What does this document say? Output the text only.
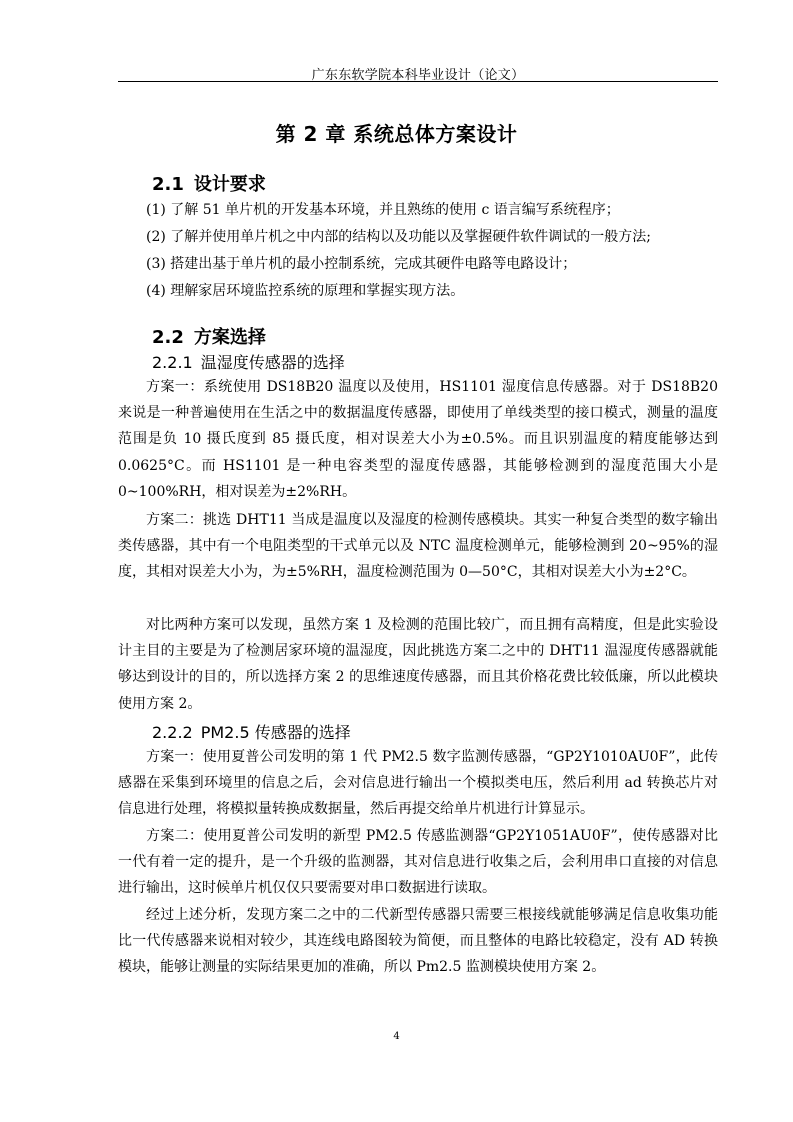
广东东软学院本科毕业设计（论文）
第 2 章 系统总体方案设计
2.1 设计要求
(1) 了解 51 单片机的开发基本环境，并且熟练的使用 c 语言编写系统程序；
(2) 了解并使用单片机之中内部的结构以及功能以及掌握硬件软件调试的一般方法;
(3) 搭建出基于单片机的最小控制系统，完成其硬件电路等电路设计；
(4) 理解家居环境监控系统的原理和掌握实现方法。
2.2 方案选择
2.2.1 温湿度传感器的选择

方案一：系统使用 DS18B20 温度以及使用，HS1101 湿度信息传感器。对于 DS18B20 来说是一种普遍使用在生活之中的数据温度传感器，即使用了单线类型的接口模式，测量的温度范围是负 10 摄氏度到 85 摄氏度，相对误差大小为±0.5%。而且识别温度的精度能够达到 0.0625°C。而 HS1101 是一种电容类型的湿度传感器，其能够检测到的湿度范围大小是 0~100%RH，相对误差为±2%RH。

方案二：挑选 DHT11 当成是温度以及湿度的检测传感模块。其实一种复合类型的数字输出类传感器，其中有一个电阻类型的干式单元以及 NTC 温度检测单元，能够检测到 20~95%的湿度，其相对误差大小为，为±5%RH，温度检测范围为 0—50°C，其相对误差大小为±2°C。

对比两种方案可以发现，虽然方案 1 及检测的范围比较广，而且拥有高精度，但是此实验设计主目的主要是为了检测居家环境的温湿度，因此挑选方案二之中的 DHT11 温湿度传感器就能够达到设计的目的，所以选择方案 2 的思维速度传感器，而且其价格花费比较低廉，所以此模块使用方案 2。

2.2.2 PM2.5 传感器的选择

方案一：使用夏普公司发明的第 1 代 PM2.5 数字监测传感器，“GP2Y1010AU0F”，此传感器在采集到环境里的信息之后，会对信息进行输出一个模拟类电压，然后利用 ad 转换芯片对信息进行处理，将模拟量转换成数据量，然后再提交给单片机进行计算显示。

方案二：使用夏普公司发明的新型 PM2.5 传感监测器“GP2Y1051AU0F”，使传感器对比一代有着一定的提升，是一个升级的监测器，其对信息进行收集之后，会利用串口直接的对信息进行输出，这时候单片机仅仅只要需要对串口数据进行读取。

经过上述分析，发现方案二之中的二代新型传感器只需要三根接线就能够满足信息收集功能比一代传感器来说相对较少，其连线电路图较为简便，而且整体的电路比较稳定，没有 AD 转换模块，能够让测量的实际结果更加的准确，所以 Pm2.5 监测模块使用方案 2。

4
